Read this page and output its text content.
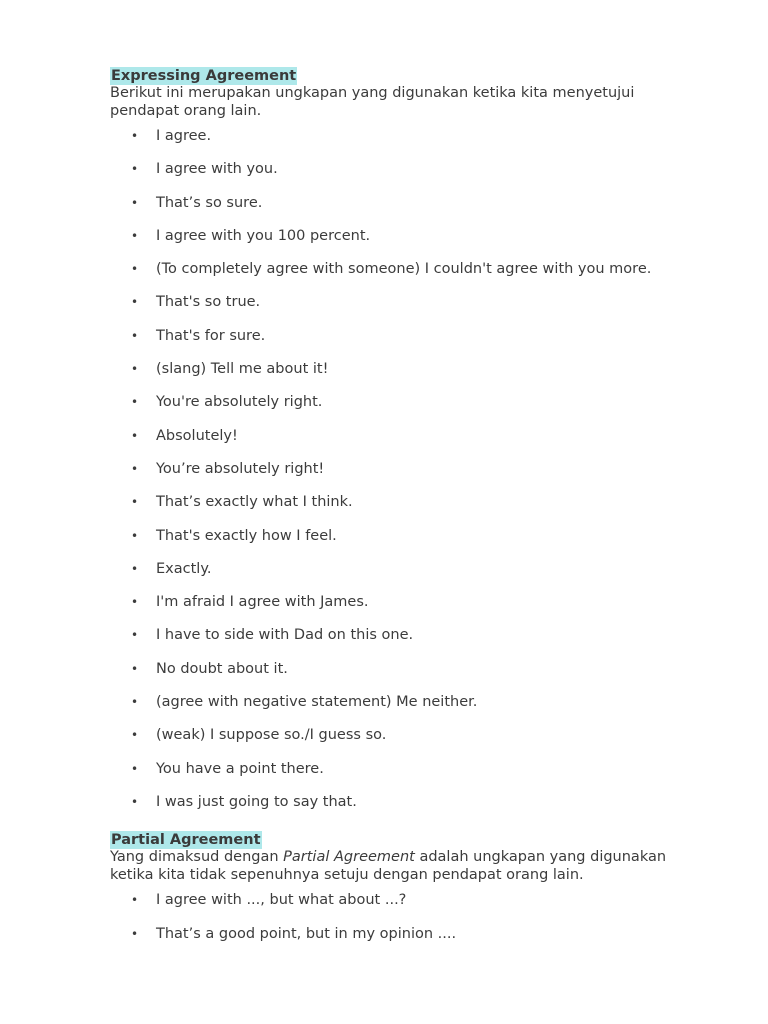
Expressing Agreement

Berikut ini merupakan ungkapan yang digunakan ketika kita menyetujui
pendapat orang lain.

• I agree.
• I agree with you.
• That’s so sure.
• I agree with you 100 percent.
• (To completely agree with someone) I couldn't agree with you more.
• That's so true.
• That's for sure.
• (slang) Tell me about it!
• You're absolutely right.
• Absolutely!
• You’re absolutely right!
• That’s exactly what I think.
• That's exactly how I feel.
• Exactly.
• I'm afraid I agree with James.
• I have to side with Dad on this one.
• No doubt about it.
• (agree with negative statement) Me neither.
• (weak) I suppose so./I guess so.
• You have a point there.
• I was just going to say that.
Partial Agreement

Yang dimaksud dengan Partial Agreement adalah ungkapan yang digunakan
ketika kita tidak sepenuhnya setuju dengan pendapat orang lain.

• I agree with ..., but what about ...?
• That’s a good point, but in my opinion ....
